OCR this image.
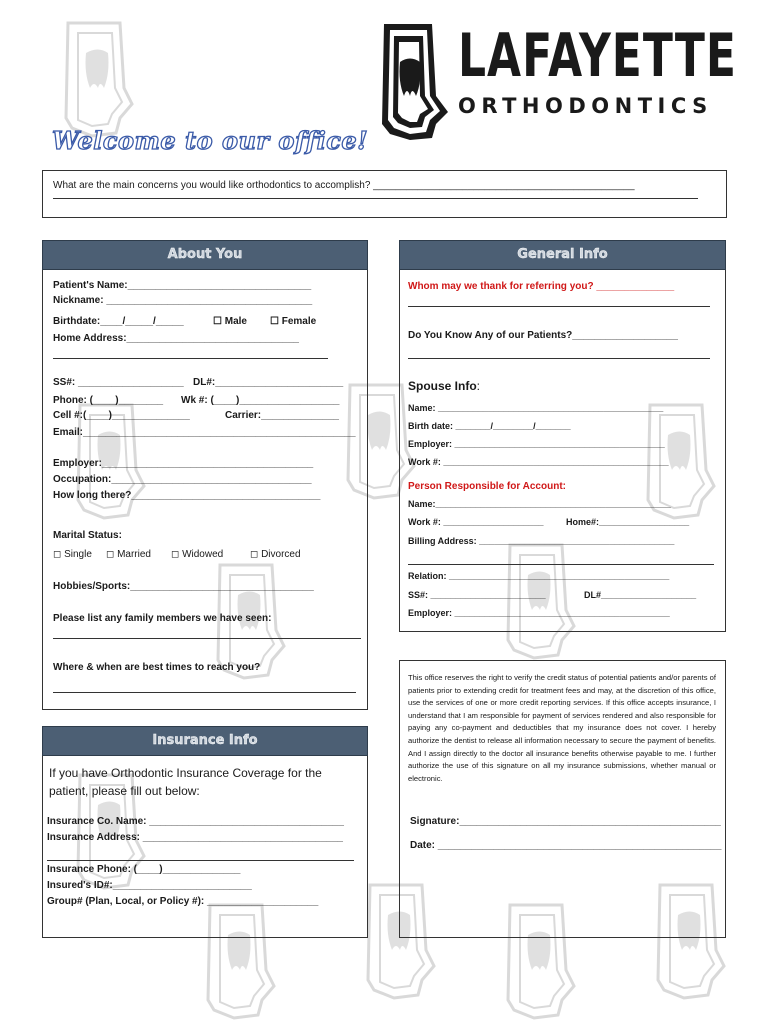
LAFAYETTE
ORTHODONTICS
Welcome to our office!
What are the main concerns you would like orthodontics to accomplish? _______________________________________________
About You
Patient's Name:_________________________________
Nickname: _____________________________________
Birthdate:____/_____/_____	☐ Male ☐ Female
Home Address:_______________________________
SS#: ___________________ DL#:_______________________
Phone: (____)________ Wk #: (____)__________________
Cell #:(____)______________	Carrier:______________
Email:_________________________________________________
Employer:______________________________________
Occupation:____________________________________
How long there?__________________________________
Marital Status:
◻ Single ◻ Married ◻ Widowed	◻ Divorced
Hobbies/Sports:_________________________________
Please list any family members we have seen:
Where & when are best times to reach you?
General Info
Whom may we thank for referring you? ______________
Do You Know Any of our Patients?___________________
Spouse Info:
Name: _____________________________________________
Birth date: _______/________/_______
Employer: __________________________________________
Work #: _____________________________________________
Person Responsible for Account:
Name:_______________________________________________
Work #: ____________________	Home#:__________________
Billing Address: _______________________________________
Relation: ____________________________________________
SS#: _______________________	DL#___________________
Employer: ___________________________________________
This office reserves the right to verify the credit status of potential patients and/or parents of patients prior to extending credit for treatment fees and may, at the discretion of this office, use the services of one or more credit reporting services. If this office accepts insurance, I understand that I am responsible for payment of services rendered and also responsible for paying any co-payment and deductibles that my insurance does not cover. I hereby authorize the dentist to release all information necessary to secure the payment of benefits. And I assign directly to the doctor all insurance benefits otherwise payable to me. I further authorize the use of this signature on all my insurance submissions, whether manual or electronic.
Signature:_______________________________________________
Date: ___________________________________________________
Insurance Info
If you have Orthodontic Insurance Coverage for the patient, please fill out below:
Insurance Co. Name: ___________________________________
Insurance Address: ____________________________________
Insurance Phone: (____)______________
Insured's ID#:_________________________
Group# (Plan, Local, or Policy #): ____________________
